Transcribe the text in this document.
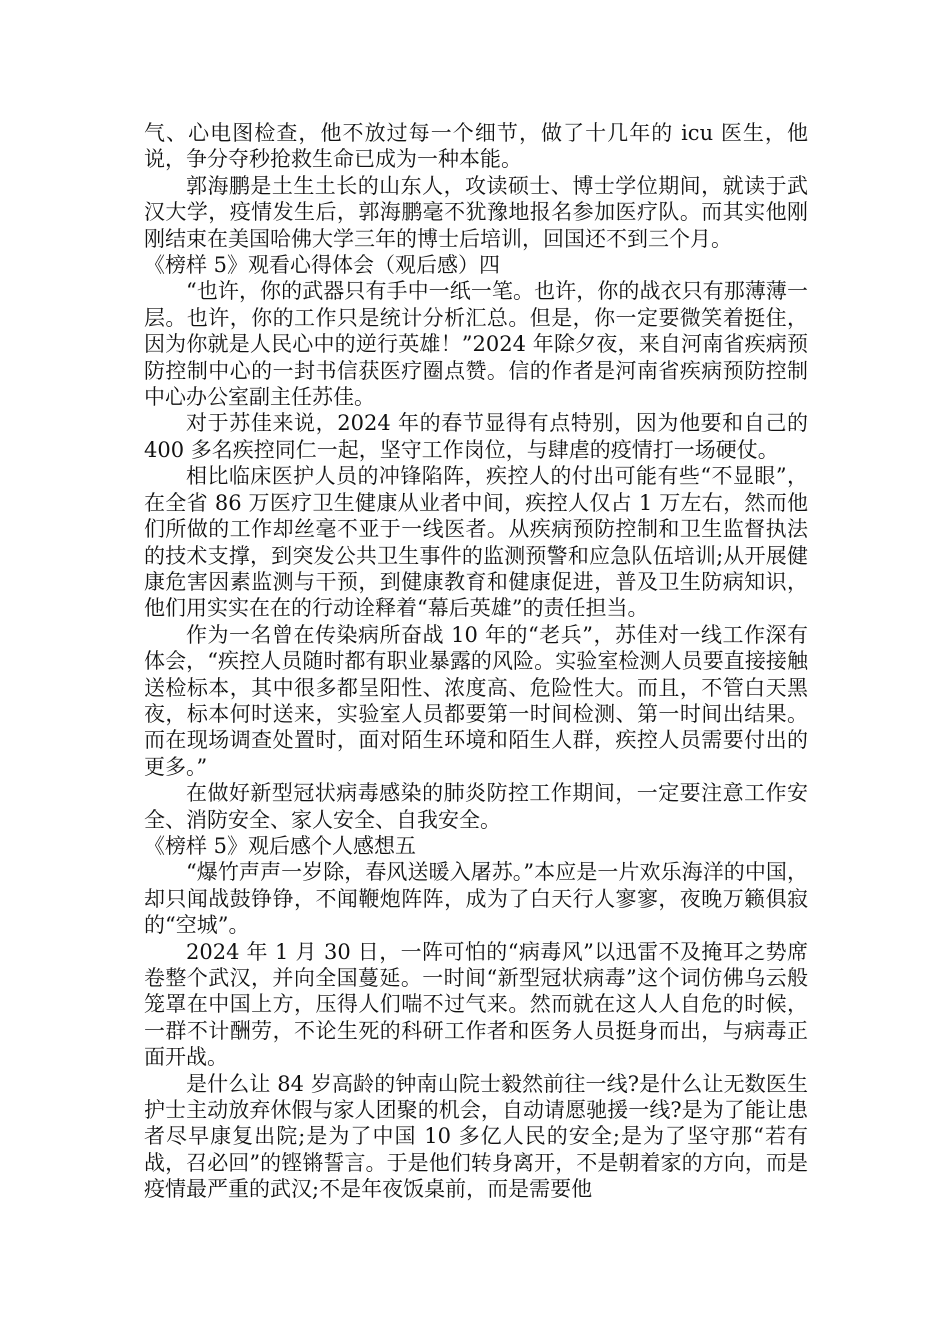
气、心电图检查，他不放过每一个细节，做了十几年的 icu 医生，他说，争分夺秒抢救生命已成为一种本能。

郭海鹏是土生土长的山东人，攻读硕士、博士学位期间，就读于武汉大学，疫情发生后，郭海鹏毫不犹豫地报名参加医疗队。而其实他刚刚结束在美国哈佛大学三年的博士后培训，回国还不到三个月。

《榜样 5》观看心得体会（观后感）四

“也许，你的武器只有手中一纸一笔。也许，你的战衣只有那薄薄一层。也许，你的工作只是统计分析汇总。但是，你一定要微笑着挺住，因为你就是人民心中的逆行英雄！”2024 年除夕夜，来自河南省疾病预防控制中心的一封书信获医疗圈点赞。信的作者是河南省疾病预防控制中心办公室副主任苏佳。

对于苏佳来说，2024 年的春节显得有点特别，因为他要和自己的 400 多名疾控同仁一起，坚守工作岗位，与肆虐的疫情打一场硬仗。

相比临床医护人员的冲锋陷阵，疾控人的付出可能有些“不显眼”，在全省 86 万医疗卫生健康从业者中间，疾控人仅占 1 万左右，然而他们所做的工作却丝毫不亚于一线医者。从疾病预防控制和卫生监督执法的技术支撑，到突发公共卫生事件的监测预警和应急队伍培训;从开展健康危害因素监测与干预，到健康教育和健康促进，普及卫生防病知识，他们用实实在在的行动诠释着“幕后英雄”的责任担当。

作为一名曾在传染病所奋战 10 年的“老兵”，苏佳对一线工作深有体会，“疾控人员随时都有职业暴露的风险。实验室检测人员要直接接触送检标本，其中很多都呈阳性、浓度高、危险性大。而且，不管白天黑夜，标本何时送来，实验室人员都要第一时间检测、第一时间出结果。而在现场调查处置时，面对陌生环境和陌生人群，疾控人员需要付出的更多。”

在做好新型冠状病毒感染的肺炎防控工作期间，一定要注意工作安全、消防安全、家人安全、自我安全。

《榜样 5》观后感个人感想五

“爆竹声声一岁除，春风送暖入屠苏。”本应是一片欢乐海洋的中国，却只闻战鼓铮铮，不闻鞭炮阵阵，成为了白天行人寥寥，夜晚万籁俱寂的“空城”。

2024 年 1 月 30 日，一阵可怕的“病毒风”以迅雷不及掩耳之势席卷整个武汉，并向全国蔓延。一时间“新型冠状病毒”这个词仿佛乌云般笼罩在中国上方，压得人们喘不过气来。然而就在这人人自危的时候，一群不计酬劳，不论生死的科研工作者和医务人员挺身而出，与病毒正面开战。

是什么让 84 岁高龄的钟南山院士毅然前往一线?是什么让无数医生护士主动放弃休假与家人团聚的机会，自动请愿驰援一线?是为了能让患者尽早康复出院;是为了中国 10 多亿人民的安全;是为了坚守那“若有战，召必回”的铿锵誓言。于是他们转身离开，不是朝着家的方向，而是疫情最严重的武汉;不是年夜饭桌前，而是需要他
